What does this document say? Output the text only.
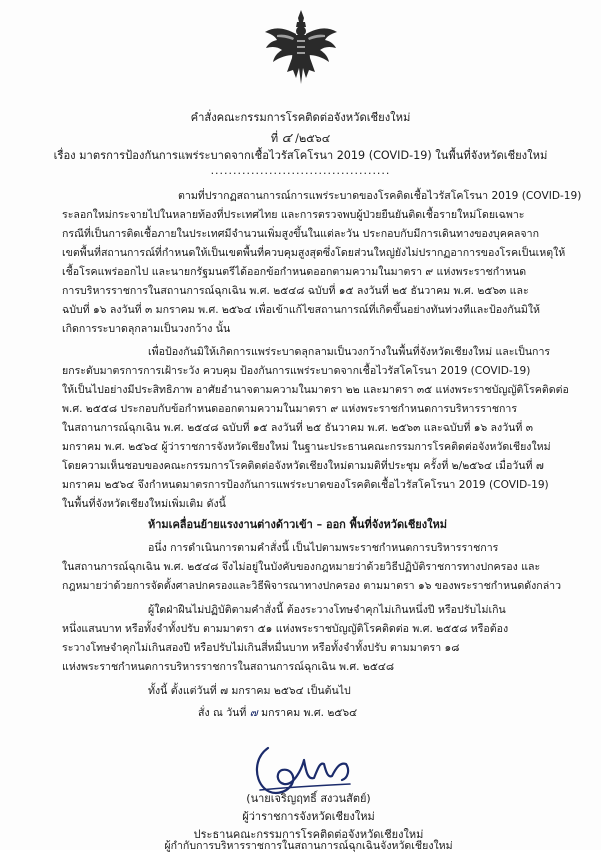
คำสั่งคณะกรรมการโรคติดต่อจังหวัดเชียงใหม่
ที่ ๔ /๒๕๖๔
เรื่อง มาตรการป้องกันการแพร่ระบาดจากเชื้อไวรัสโคโรนา 2019 (COVID-19) ในพื้นที่จังหวัดเชียงใหม่
........................................
ตามที่ปรากฏสถานการณ์การแพร่ระบาดของโรคติดเชื้อไวรัสโคโรนา 2019 (COVID-19)
ระลอกใหม่กระจายไปในหลายท้องที่ประเทศไทย และการตรวจพบผู้ป่วยยืนยันติดเชื้อรายใหม่โดยเฉพาะ
กรณีที่เป็นการติดเชื้อภายในประเทศมีจำนวนเพิ่มสูงขึ้นในแต่ละวัน ประกอบกับมีการเดินทางของบุคคลจาก
เขตพื้นที่สถานการณ์ที่กำหนดให้เป็นเขตพื้นที่ควบคุมสูงสุดซึ่งโดยส่วนใหญ่ยังไม่ปรากฏอาการของโรคเป็นเหตุให้
เชื้อโรคแพร่ออกไป และนายกรัฐมนตรีได้ออกข้อกำหนดออกตามความในมาตรา ๙ แห่งพระราชกำหนด
การบริหารราชการในสถานการณ์ฉุกเฉิน พ.ศ. ๒๕๔๘ ฉบับที่ ๑๕ ลงวันที่ ๒๕ ธันวาคม พ.ศ. ๒๕๖๓ และ
ฉบับที่ ๑๖ ลงวันที่ ๓ มกราคม พ.ศ. ๒๕๖๔ เพื่อเข้าแก้ไขสถานการณ์ที่เกิดขึ้นอย่างทันท่วงทีและป้องกันมิให้
เกิดการระบาดลุกลามเป็นวงกว้าง นั้น
เพื่อป้องกันมิให้เกิดการแพร่ระบาดลุกลามเป็นวงกว้างในพื้นที่จังหวัดเชียงใหม่ และเป็นการ
ยกระดับมาตรการการเฝ้าระวัง ควบคุม ป้องกันการแพร่ระบาดจากเชื้อไวรัสโคโรนา 2019 (COVID-19)
ให้เป็นไปอย่างมีประสิทธิภาพ อาศัยอำนาจตามความในมาตรา ๒๒ และมาตรา ๓๕ แห่งพระราชบัญญัติโรคติดต่อ
พ.ศ. ๒๕๕๘ ประกอบกับข้อกำหนดออกตามความในมาตรา ๙ แห่งพระราชกำหนดการบริหารราชการ
ในสถานการณ์ฉุกเฉิน พ.ศ. ๒๕๔๘ ฉบับที่ ๑๕ ลงวันที่ ๒๕ ธันวาคม พ.ศ. ๒๕๖๓ และฉบับที่ ๑๖ ลงวันที่ ๓
มกราคม พ.ศ. ๒๕๖๔ ผู้ว่าราชการจังหวัดเชียงใหม่ ในฐานะประธานคณะกรรมการโรคติดต่อจังหวัดเชียงใหม่
โดยความเห็นชอบของคณะกรรมการโรคติดต่อจังหวัดเชียงใหม่ตามมติที่ประชุม ครั้งที่ ๒/๒๕๖๔ เมื่อวันที่ ๗
มกราคม ๒๕๖๔ จึงกำหนดมาตรการป้องกันการแพร่ระบาดของโรคติดเชื้อไวรัสโคโรนา 2019 (COVID-19)
ในพื้นที่จังหวัดเชียงใหม่เพิ่มเติม ดังนี้
ห้ามเคลื่อนย้ายแรงงานต่างด้าวเข้า – ออก พื้นที่จังหวัดเชียงใหม่
อนึ่ง การดำเนินการตามคำสั่งนี้ เป็นไปตามพระราชกำหนดการบริหารราชการ
ในสถานการณ์ฉุกเฉิน พ.ศ. ๒๕๔๘ จึงไม่อยู่ในบังคับของกฎหมายว่าด้วยวิธีปฏิบัติราชการทางปกครอง และ
กฎหมายว่าด้วยการจัดตั้งศาลปกครองและวิธีพิจารณาทางปกครอง ตามมาตรา ๑๖ ของพระราชกำหนดดังกล่าว
ผู้ใดฝ่าฝืนไม่ปฏิบัติตามคำสั่งนี้ ต้องระวางโทษจำคุกไม่เกินหนึ่งปี หรือปรับไม่เกิน
หนึ่งแสนบาท หรือทั้งจำทั้งปรับ ตามมาตรา ๕๑ แห่งพระราชบัญญัติโรคติดต่อ พ.ศ. ๒๕๕๘ หรือต้อง
ระวางโทษจำคุกไม่เกินสองปี หรือปรับไม่เกินสี่หมื่นบาท หรือทั้งจำทั้งปรับ ตามมาตรา ๑๘
แห่งพระราชกำหนดการบริหารราชการในสถานการณ์ฉุกเฉิน พ.ศ. ๒๕๔๘
ทั้งนี้ ตั้งแต่วันที่ ๗ มกราคม ๒๕๖๔ เป็นต้นไป
สั่ง ณ วันที่ ๗ มกราคม พ.ศ. ๒๕๖๔
(นายเจริญฤทธิ์ สงวนสัตย์)
ผู้ว่าราชการจังหวัดเชียงใหม่
ประธานคณะกรรมการโรคติดต่อจังหวัดเชียงใหม่
ผู้กำกับการบริหารราชการในสถานการณ์ฉุกเฉินจังหวัดเชียงใหม่
